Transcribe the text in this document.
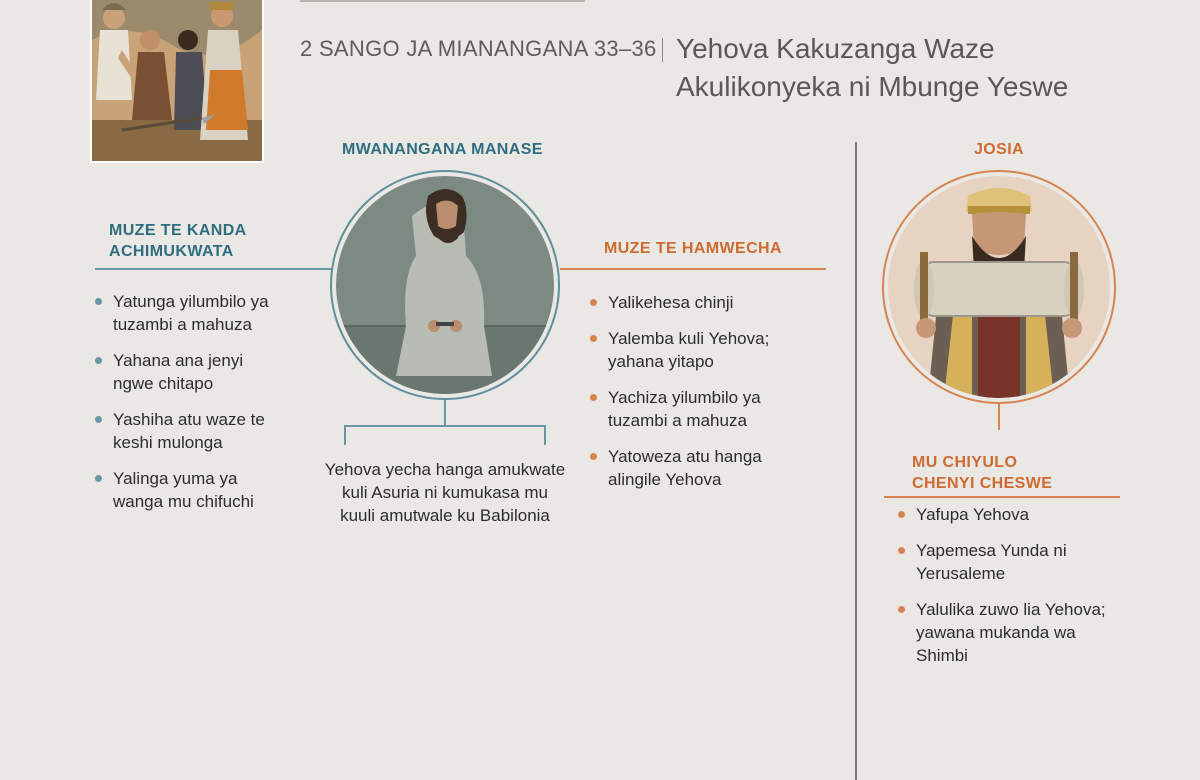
2 SANGO JA MIANANGANA 33–36 Yehova Kakuzanga Waze
Akulikonyeka ni Mbunge Yeswe
MWANANGANA MANASE
MUZE TE KANDA
ACHIMUKWATA
Yatunga yilumbilo ya
tuzambi a mahuza
Yahana ana jenyi
ngwe chitapo
Yashiha atu waze te
keshi mulonga
Yalinga yuma ya
wanga mu chifuchi
Yehova yecha hanga amukwate
kuli Asuria ni kumukasa mu
kuuli amutwale ku Babilonia
MUZE TE HAMWECHA
Yalikehesa chinji
Yalemba kuli Yehova;
yahana yitapo
Yachiza yilumbilo ya
tuzambi a mahuza
Yatoweza atu hanga
alingile Yehova
JOSIA
MU CHIYULO
CHENYI CHESWE
Yafupa Yehova
Yapemesa Yunda ni
Yerusaleme
Yalulika zuwo lia Yehova;
yawana mukanda wa
Shimbi
